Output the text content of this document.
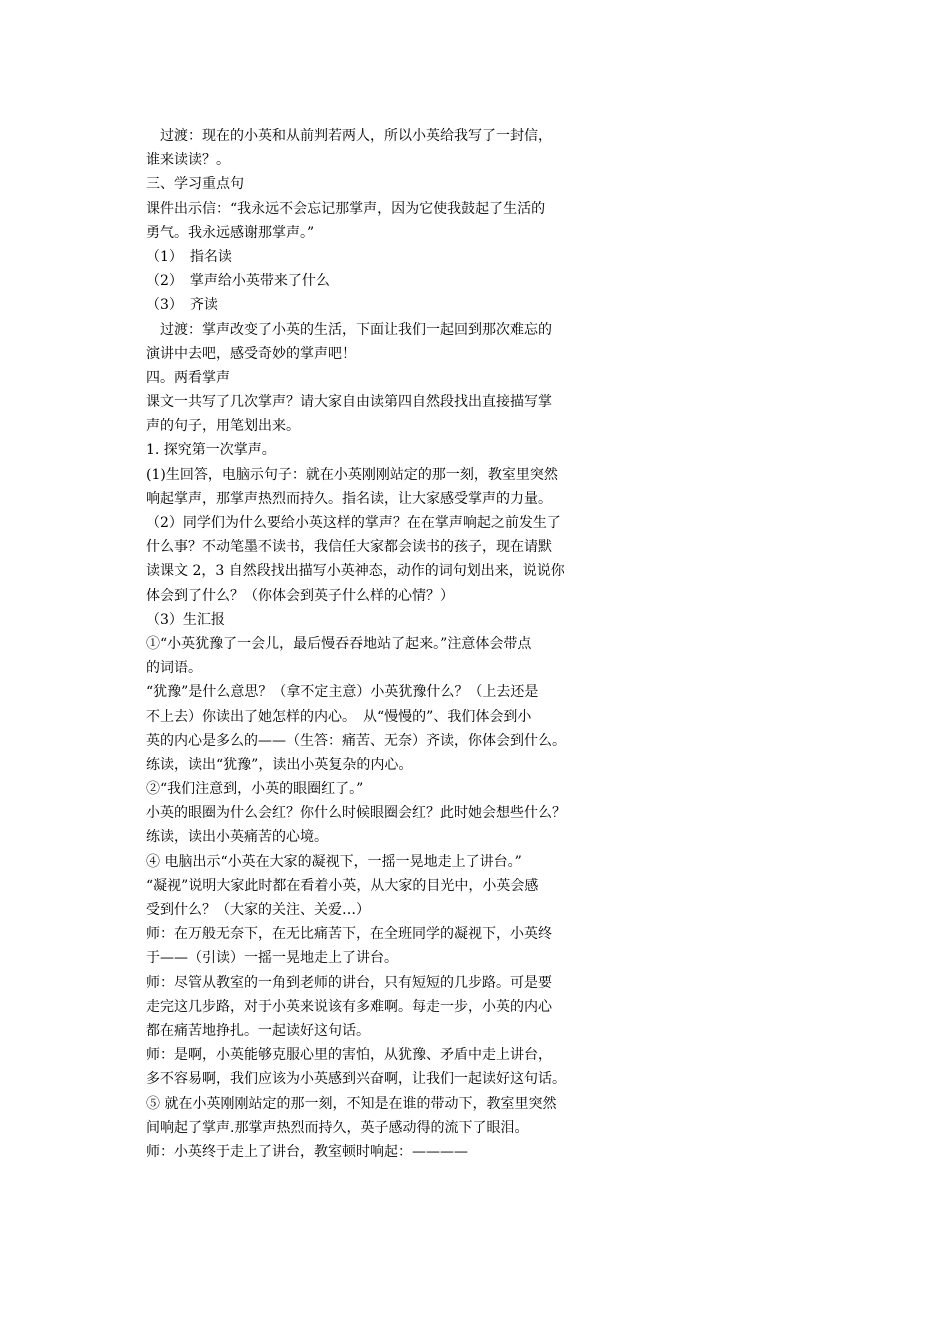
　过渡：现在的小英和从前判若两人，所以小英给我写了一封信，
谁来读读？。
三、学习重点句
课件出示信：“我永远不会忘记那掌声，因为它使我鼓起了生活的
勇气。我永远感谢那掌声。”
（1）　指名读
（2）　掌声给小英带来了什么
（3）　齐读
　过渡：掌声改变了小英的生活，下面让我们一起回到那次难忘的
演讲中去吧，感受奇妙的掌声吧！
四。两看掌声
课文一共写了几次掌声？请大家自由读第四自然段找出直接描写掌
声的句子，用笔划出来。
1. 探究第一次掌声。
(1)生回答，电脑示句子：就在小英刚刚站定的那一刻，教室里突然
响起掌声，那掌声热烈而持久。指名读，让大家感受掌声的力量。
（2）同学们为什么要给小英这样的掌声？在在掌声响起之前发生了
什么事？不动笔墨不读书，我信任大家都会读书的孩子，现在请默
读课文 2，3 自然段找出描写小英神态，动作的词句划出来，说说你
体会到了什么？（你体会到英子什么样的心情？）
（3）生汇报
①“小英犹豫了一会儿，最后慢吞吞地站了起来。”注意体会带点
的词语。
“犹豫”是什么意思？（拿不定主意）小英犹豫什么？（上去还是
不上去）你读出了她怎样的内心。　从“慢慢的”、我们体会到小
英的内心是多么的——（生答：痛苦、无奈）齐读，你体会到什么。
练读，读出“犹豫”，读出小英复杂的内心。
②“我们注意到，小英的眼圈红了。”
小英的眼圈为什么会红？你什么时候眼圈会红？此时她会想些什么？
练读，读出小英痛苦的心境。
④ 电脑出示“小英在大家的凝视下，一摇一晃地走上了讲台。”
“凝视”说明大家此时都在看着小英，从大家的目光中，小英会感
受到什么？（大家的关注、关爱…）
师：在万般无奈下，在无比痛苦下，在全班同学的凝视下，小英终
于——（引读）一摇一晃地走上了讲台。
师：尽管从教室的一角到老师的讲台，只有短短的几步路。可是要
走完这几步路，对于小英来说该有多难啊。每走一步，小英的内心
都在痛苦地挣扎。一起读好这句话。
师：是啊，小英能够克服心里的害怕，从犹豫、矛盾中走上讲台，
多不容易啊，我们应该为小英感到兴奋啊，让我们一起读好这句话。
⑤ 就在小英刚刚站定的那一刻，不知是在谁的带动下，教室里突然
间响起了掌声.那掌声热烈而持久，英子感动得的流下了眼泪。
师：小英终于走上了讲台，教室顿时响起：————
